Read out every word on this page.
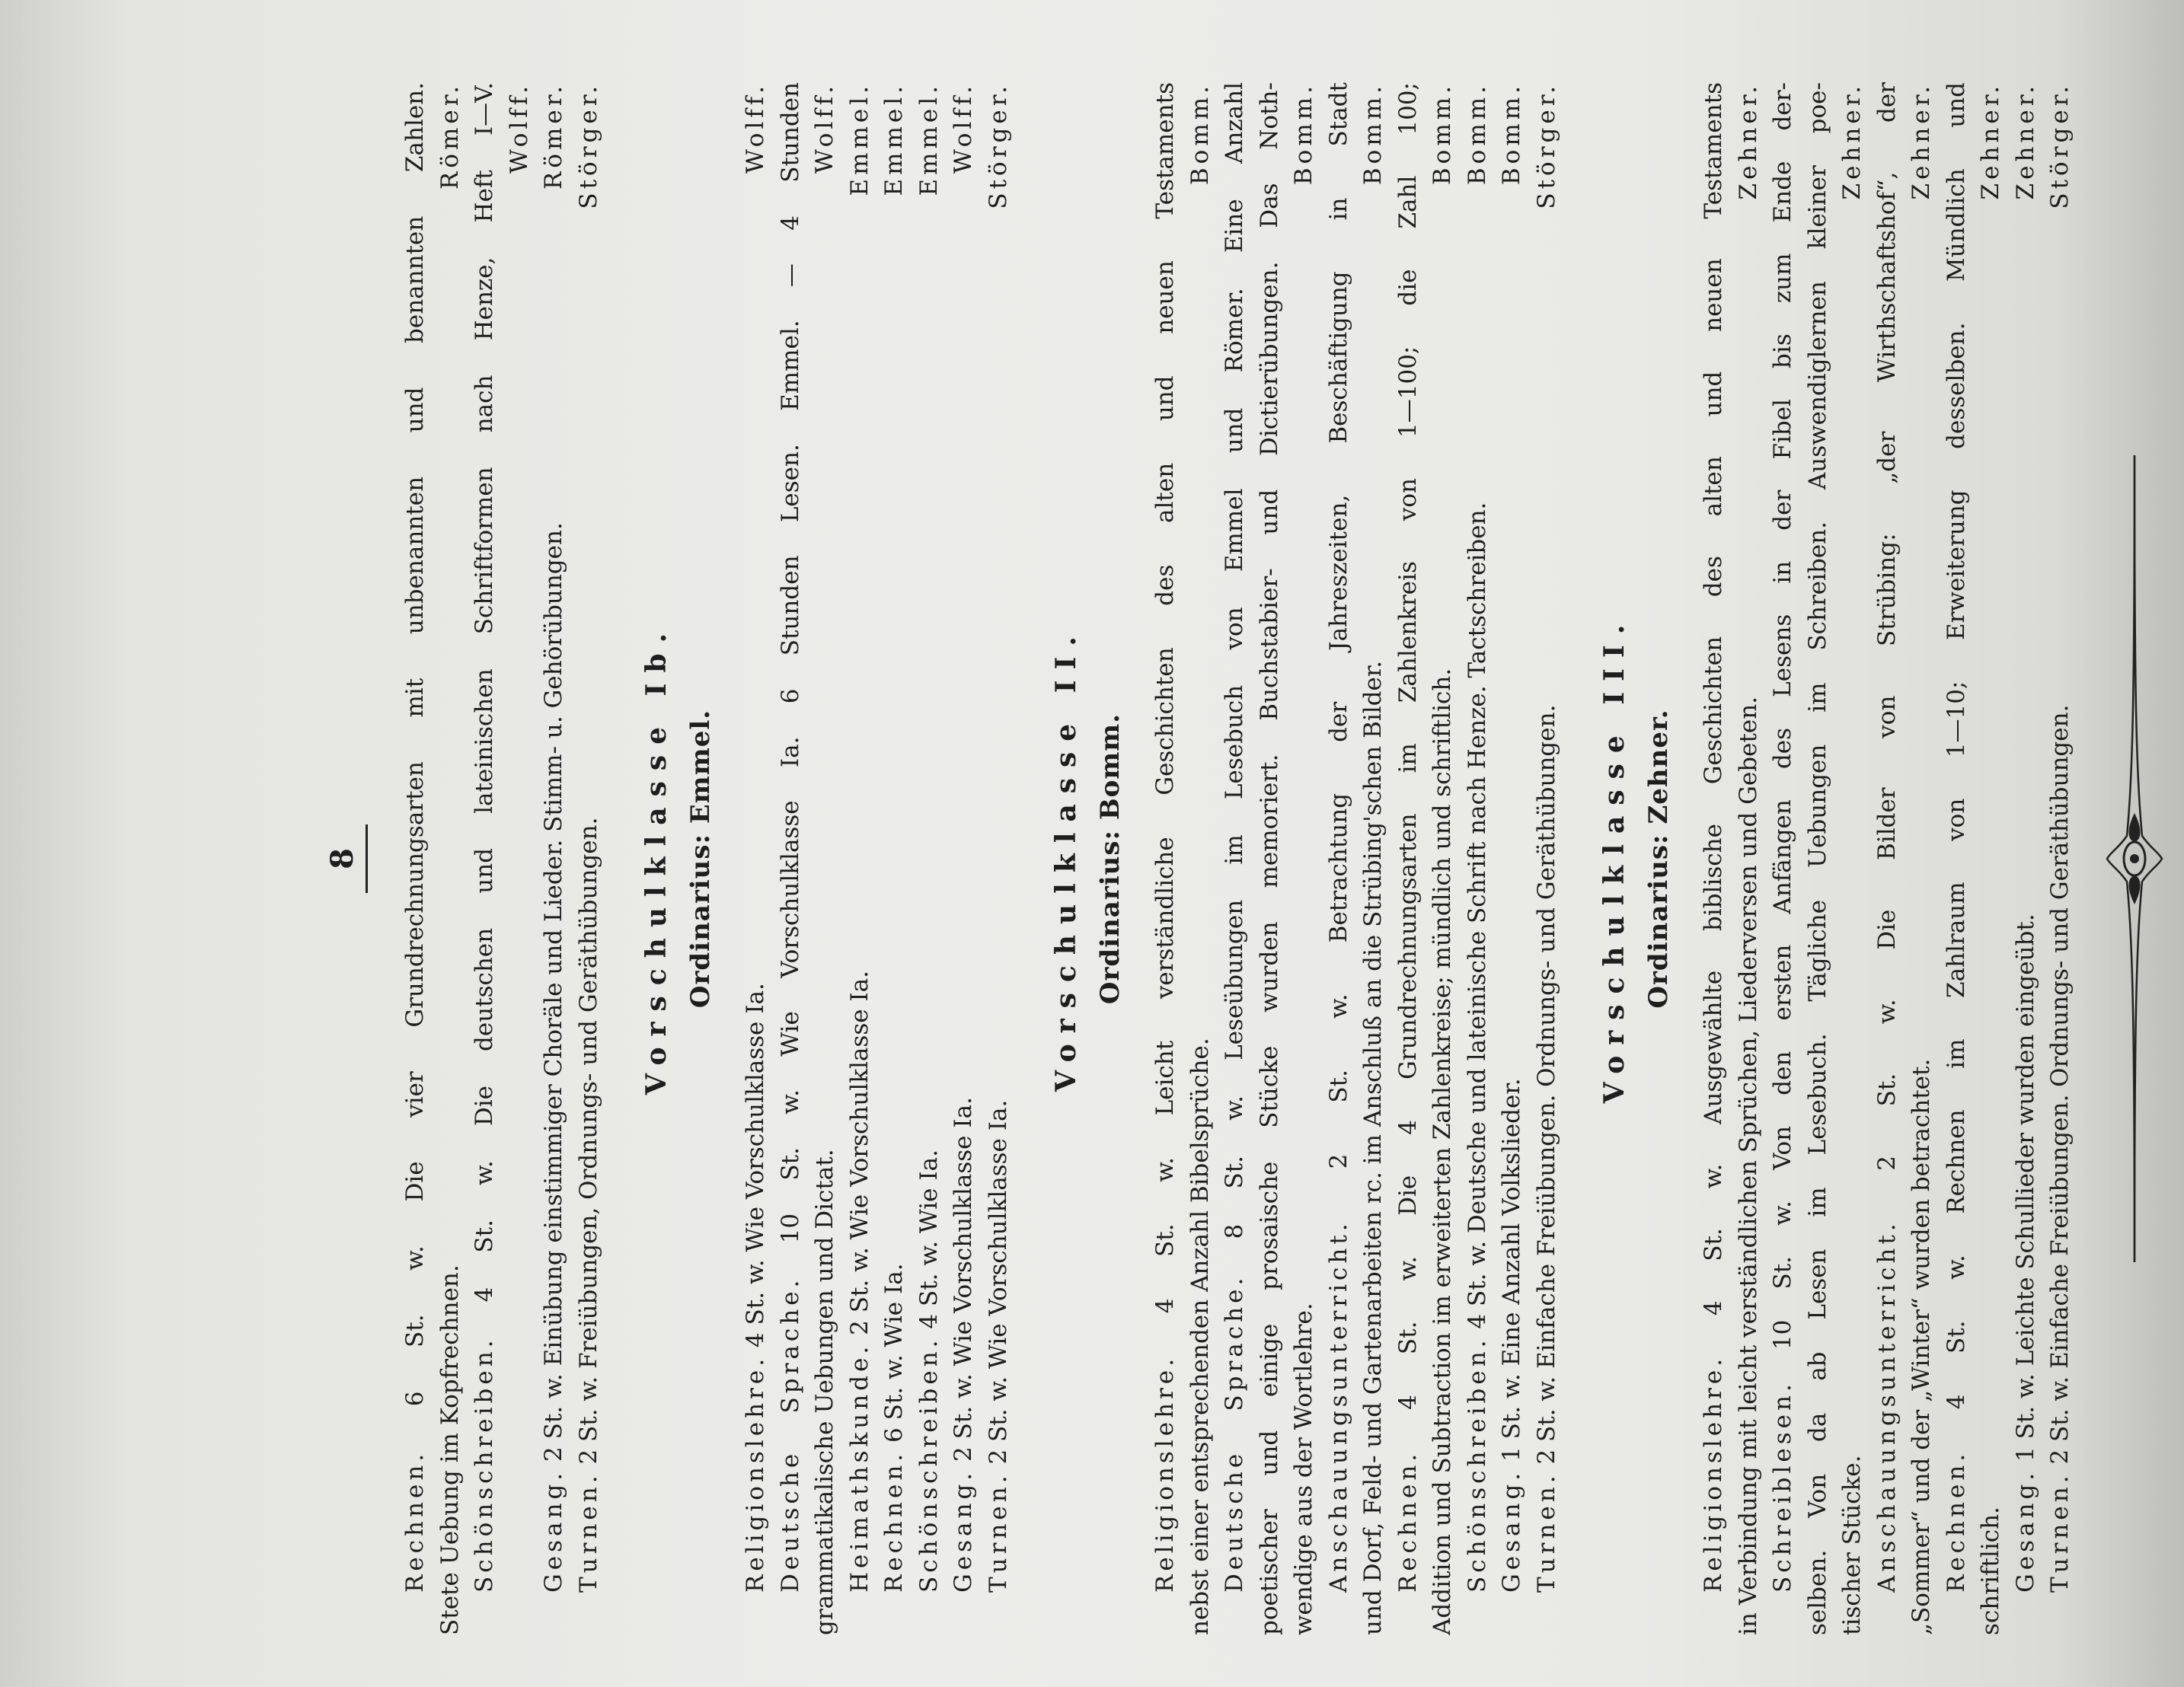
8

Rechnen. 6 St. w. Die vier Grundrechnungsarten mit unbenannten und benannten Zahlen. Stete Uebung im Kopfrechnen.
Römer.

Schönschreiben. 4 St. w. Die deutschen und lateinischen Schriftformen nach Henze, Heft I—V. Wolff.

Gesang. 2 St. w. Einübung einstimmiger Choräle und Lieder. Stimm- u. Gehörübungen.
Römer.

Turnen. 2 St. w. Freiübungen, Ordnungs- und Geräthübungen.
Störger.

Vorschulklasse Ib. Ordinarius: Emmel.

Religionslehre. 4 St. w. Wie Vorschulklasse Ia.
Wolff.

Deutsche Sprache. 10 St. w. Wie Vorschulklasse Ia. 6 Stunden Lesen. Emmel. — 4 Stunden

grammatikalische Uebungen und Dictat.
Wolff.

Heimathskunde. 2 St. w. Wie Vorschulklasse Ia.
Emmel.

Rechnen. 6 St. w. Wie Ia.
Emmel.

Schönschreiben. 4 St. w. Wie Ia.
Emmel.

Gesang. 2 St. w. Wie Vorschulklasse Ia.
Wolff.

Turnen. 2 St. w. Wie Vorschulklasse Ia.
Störger.

Vorschulklasse II. Ordinarius: Bomm.

Religionslehre. 4 St. w. Leicht verständliche Geschichten des alten und neuen Testaments nebst einer entsprechenden Anzahl Bibelsprüche.
Bomm.

Deutsche Sprache. 8 St. w. Leseübungen im Lesebuch von Emmel und Römer. Eine Anzahl poetischer und einige prosaische Stücke wurden memoriert. Buchstabier- und Dictierübungen. Das Noth- wendige aus der Wortlehre.
Bomm.

Anschauungsunterricht. 2 St. w. Betrachtung der Jahreszeiten, Beschäftigung in Stadt und Dorf, Feld- und Gartenarbeiten rc. im Anschluß an die Strübing'schen Bilder.
Bomm.

Rechnen. 4 St. w. Die 4 Grundrechnungsarten im Zahlenkreis von 1—100; die Zahl 100; Addition und Subtraction im erweiterten Zahlenkreise; mündlich und schriftlich.
Bomm.

Schönschreiben. 4 St. w. Deutsche und lateinische Schrift nach Henze. Tactschreiben.
Bomm.

Gesang. 1 St. w. Eine Anzahl Volkslieder.
Bomm.

Turnen. 2 St. w. Einfache Freiübungen. Ordnungs- und Geräthübungen.
Störger.

Vorschulklasse III. Ordinarius: Zehner.

Religionslehre. 4 St. w. Ausgewählte biblische Geschichten des alten und neuen Testaments in Verbindung mit leicht verständlichen Sprüchen, Liederversen und Gebeten.
Zehner.

Schreiblesen. 10 St. w. Von den ersten Anfängen des Lesens in der Fibel bis zum Ende der- selben. Von da ab Lesen im Lesebuch. Tägliche Uebungen im Schreiben. Auswendiglernen kleiner poe- tischer Stücke.
Zehner.

Anschauungsunterricht. 2 St. w. Die Bilder von Strübing: „der Wirthschaftshof“, der

„Sommer“ und der „Winter“ wurden betrachtet.
Zehner.

Rechnen. 4 St. w. Rechnen im Zahlraum von 1—10; Erweiterung desselben. Mündlich und

schriftlich.
Zehner.

Gesang. 1 St. w. Leichte Schullieder wurden eingeübt.
Zehner.

Turnen. 2 St. w. Einfache Freiübungen. Ordnungs- und Geräthübungen.
Störger.
